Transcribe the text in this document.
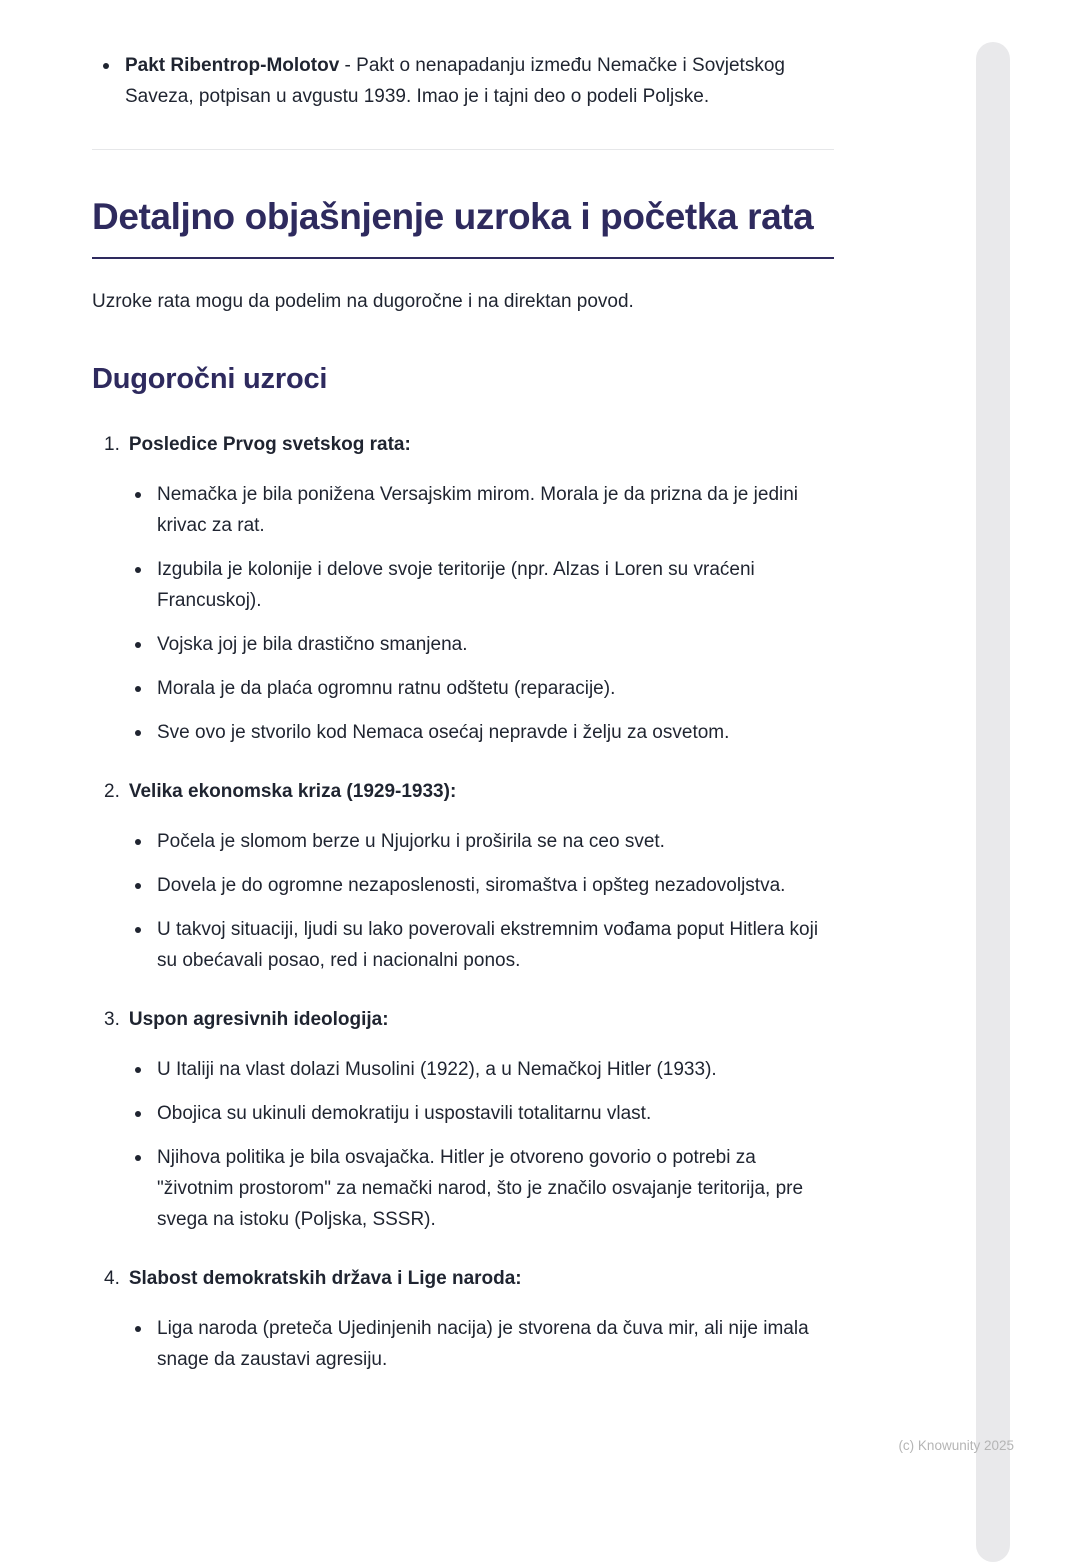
(c) Knowunity 2025
Pakt Ribentrop-Molotov - Pakt o nenapadanju između Nemačke i Sovjetskog Saveza, potpisan u avgustu 1939. Imao je i tajni deo o podeli Poljske.
Detaljno objašnjenje uzroka i početka rata

Uzroke rata mogu da podelim na dugoročne i na direktan povod.

Dugoročni uzroci
1. Posledice Prvog svetskog rata:
Nemačka je bila ponižena Versajskim mirom. Morala je da prizna da je jedini krivac za rat.
Izgubila je kolonije i delove svoje teritorije (npr. Alzas i Loren su vraćeni Francuskoj).
Vojska joj je bila drastično smanjena.
Morala je da plaća ogromnu ratnu odštetu (reparacije).
Sve ovo je stvorilo kod Nemaca osećaj nepravde i želju za osvetom.
2. Velika ekonomska kriza (1929-1933):
Počela je slomom berze u Njujorku i proširila se na ceo svet.
Dovela je do ogromne nezaposlenosti, siromaštva i opšteg nezadovoljstva.
U takvoj situaciji, ljudi su lako poverovali ekstremnim vođama poput Hitlera koji su obećavali posao, red i nacionalni ponos.
3. Uspon agresivnih ideologija:
U Italiji na vlast dolazi Musolini (1922), a u Nemačkoj Hitler (1933).
Obojica su ukinuli demokratiju i uspostavili totalitarnu vlast.
Njihova politika je bila osvajačka. Hitler je otvoreno govorio o potrebi za "životnim prostorom" za nemački narod, što je značilo osvajanje teritorija, pre svega na istoku (Poljska, SSSR).
4. Slabost demokratskih država i Lige naroda:
Liga naroda (preteča Ujedinjenih nacija) je stvorena da čuva mir, ali nije imala snage da zaustavi agresiju.
